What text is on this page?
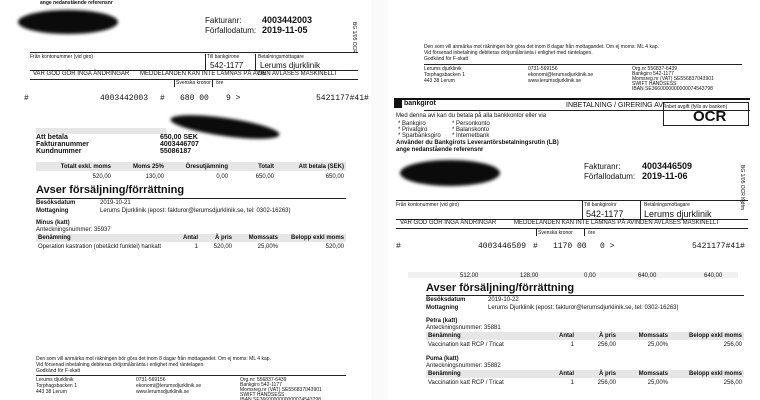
ange nedanstående referensnr
Fakturanr: 4003442003
Förfallodatum: 2019-11-05	BG 1/05 OCR
Från kontonummer (vid giro)	Till bankgirone	Betalningsmottagare
542-1177 Lerums djurklinik
VAR GOD GÖR INGA ÄNDRINGAR MEDDELANDEN KAN INTE LÄMNAS PÅ AVIN
DEN AVLÄSES MASKINELLT
Svenska kronor öre
#	4003442003 # 680 00 9 >	5421177#41#
Att betala	650,00 SEK
Fakturanummer	4003446707
Kundnummer	55086187
Totalt exkl. moms	Moms 25%	Öresutjämning	Totalt	Att betala (SEK)
520,00	130,00	0,00	650,00	650,00
Avser försäljning/förrättning
Besöksdatum	2019-10-21
Mottagning	Lerums Djurklinik (epost: fakturor@lerumsdjurklinik.se, tel: 0302-16263)
Minus (katt)
Anteckningsnummer: 35937
Benämning	Antal	À pris	Momssats	Belopp exkl moms
Operation kastration (obetäckt funktel) hankatt	1	520,00	25,00%	520,00
Den som vill anmärka mot räkningen bör göra det inom 8 dagar från mottagandet. Om ej moms: ML 4 kap.
Vid försenad inbetalning debiteras dröjsmålsränta i enlighet med räntelagen.
Godkänd för F-skatt
Lerums djurklinik
Torphagsbacken 1
443 38 Lerum
0731-569156
ekonomi@lerumsdjurklinik.se
www.lerumsdjurklinik.se
Org.nr: 556837-6439
Bankgiro 542-1177
Momsreg.nr (VAT) SE556837043901
SWIFT HANDSESS
IBAN SE3660000000000074543798
Den som vill anmärka mot räkningen bör göra det inom 8 dagar från mottagandet. Om ej moms: ML 4 kap.
Vid försenad inbetalning debiteras dröjsmålsränta i enlighet med räntelagen.
Godkänd för F-skatt
Lerums djurklinik
Torphagsbacken 1
443 38 Lerum
0731-569156
ekonomi@lerumsdjurklinik.se
www.lerumsdjurklinik.se
Org.nr 556837-6439
Bankgiro 542-1177
Momsreg.nr (VAT) SE556837043901
SWIFT HANDSESS
IBAN SE3660000000000074543798
bankgirot	INBETALNING / GIRERING AVI Inbet avgift (fylls av banken)
OCR
Med denna avi kan du betala på alla bankkontor eller via
* Bankgiro
* Privatgiro
* Sparbanksgiro
* Personkonto
* Balanskonto
* Internetbank
Använder du Bankgirots Leverantörsbetalningsrutin (LB)
ange nedanstående referensnr
Fakturanr: 4003446509
Förfallodatum: 2019-11-06	BG 1/05 OCR Kjdfm
Från kontonummer (vid giro)	Till bankgiro/nr	Betalningsmottagare
542-1177 Lerums djurklinik
VAR GOD GÖR INGA ÄNDRINGAR	MEDDELANDEN KAN INTE LÄMNAS PÅ AVIN DEN AVLÄSES MASKINELLT
Svenska kronor	öre
#	4003446509 # 1170 00 0 >	5421177#41#
512,00	128,00	0,00	640,00	640,00
Avser försäljning/förrättning
Besöksdatum	2019-10-22
Mottagning	Lerums Djurklinik (epost: fakturor@lerumsdjurklinik.se, tel: 0302-16263)
Petra (katt)
Anteckningsnummer: 35881
Benämning	Antal	À pris	Momssats	Belopp exkl moms
Vaccination katt RCP / Tricat	1	256,00	25,00%	256,00
Puma (katt)
Anteckningsnummer: 35882
Benämning	Antal	À pris	Momssats	Belopp exkl moms
Vaccination katt RCP / Tricat	1	256,00	25,00%	256,00
